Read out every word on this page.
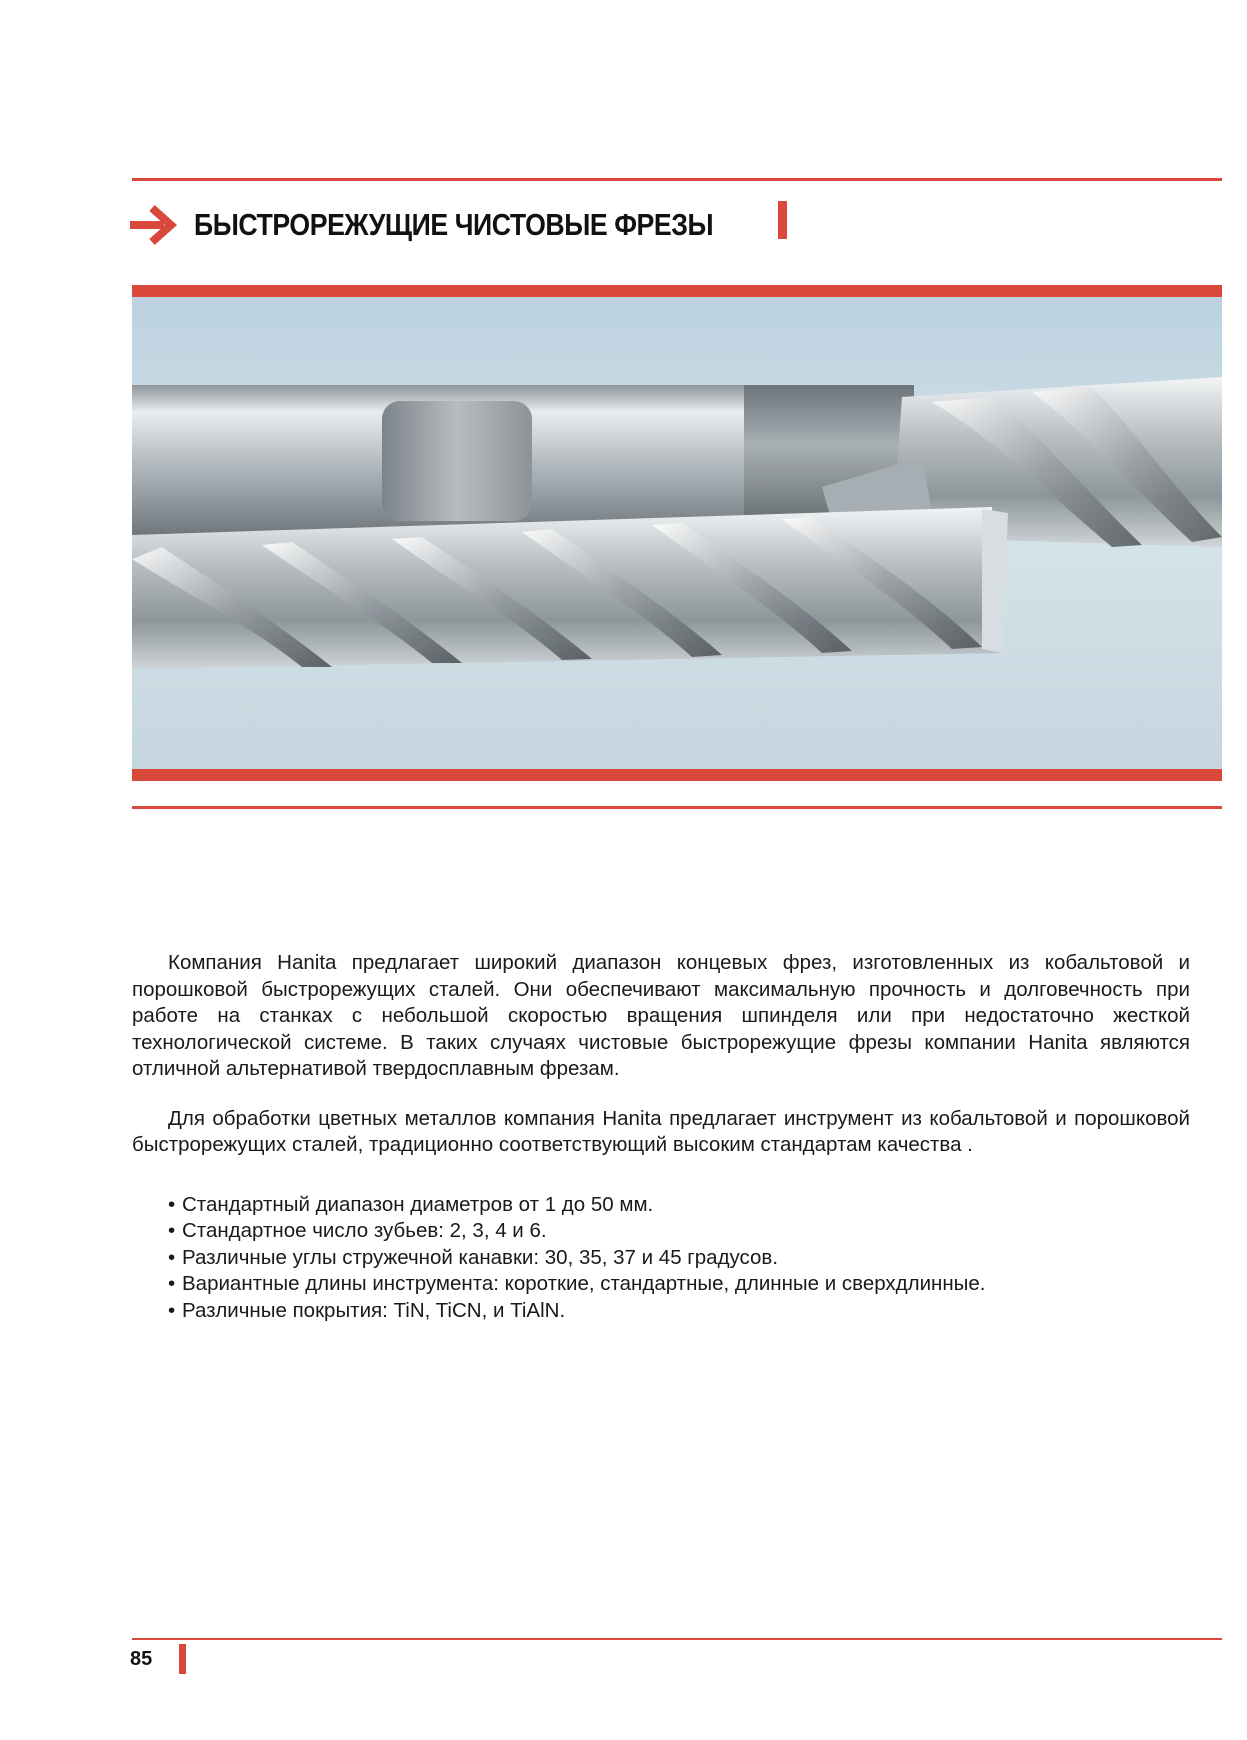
БЫСТРОРЕЖУЩИЕ ЧИСТОВЫЕ ФРЕЗЫ

Компания Hanita предлагает широкий диапазон концевых фрез, изготовленных из кобальтовой и порошковой быстрорежущих сталей. Они обеспечивают максимальную прочность и долговечность при работе на станках с небольшой скоростью вращения шпинделя или при недостаточно жесткой технологической системе. В таких случаях чистовые быстрорежущие фрезы компании Hanita являются отличной альтернативой твердосплавным фрезам.

Для обработки цветных металлов компания Hanita предлагает инструмент из кобальтовой и порошковой быстрорежущих сталей, традиционно соответствующий высоким стандартам качества .

• Стандартный диапазон диаметров от 1 до 50 мм.
• Стандартное число зубьев: 2, 3, 4 и 6.
• Различные углы стружечной канавки: 30, 35, 37 и 45 градусов.
• Вариантные длины инструмента: короткие, стандартные, длинные и сверхдлинные.
• Различные покрытия: TiN, TiCN, и TiAlN.
85
